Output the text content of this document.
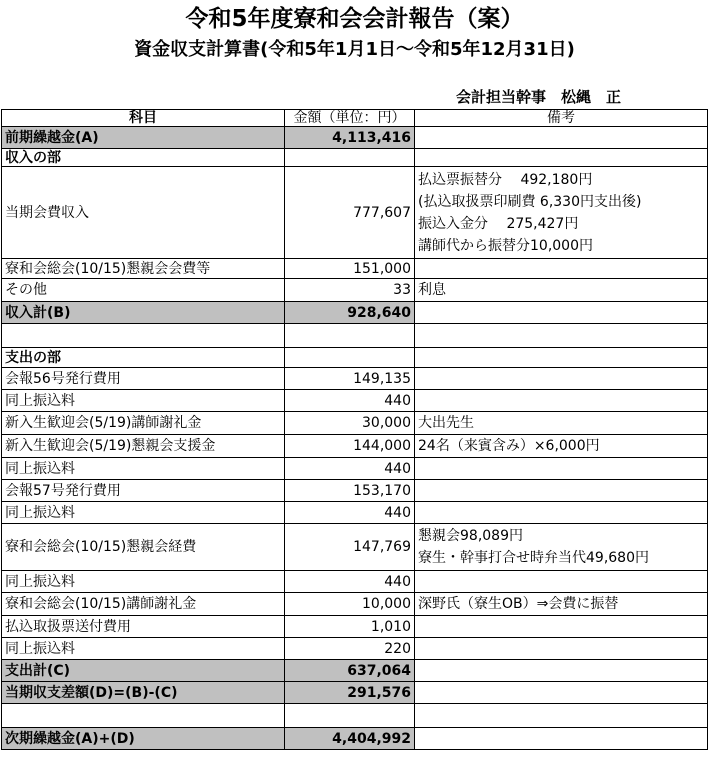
令和5年度寮和会会計報告（案）
資金収支計算書(令和5年1月1日～令和5年12月31日)
会計担当幹事　松縄　正
科目	金額（単位：円）	備考
前期繰越金(A)	4,113,416	
収入の部		
当期会費収入	777,607	払込票振替分　 492,180円
(払込取扱票印刷費 6,330円支出後)
振込入金分　 275,427円
講師代から振替分10,000円

寮和会総会(10/15)懇親会会費等	151,000	
その他	33	利息

収入計(B)	928,640	

支出の部		
会報56号発行費用	149,135	
同上振込料	440	
新入生歓迎会(5/19)講師謝礼金	30,000	大出先生

新入生歓迎会(5/19)懇親会支援金	144,000	24名（来賓含み）×6,000円

同上振込料	440	
会報57号発行費用	153,170	
同上振込料	440	
寮和会総会(10/15)懇親会経費	147,769	懇親会98,089円
寮生・幹事打合せ時弁当代49,680円

同上振込料	440	
寮和会総会(10/15)講師謝礼金	10,000	深野氏（寮生OB）⇒会費に振替

払込取扱票送付費用	1,010	
同上振込料	220	
支出計(C)	637,064	
当期収支差額(D)=(B)-(C)	291,576	

次期繰越金(A)+(D)	4,404,992	
